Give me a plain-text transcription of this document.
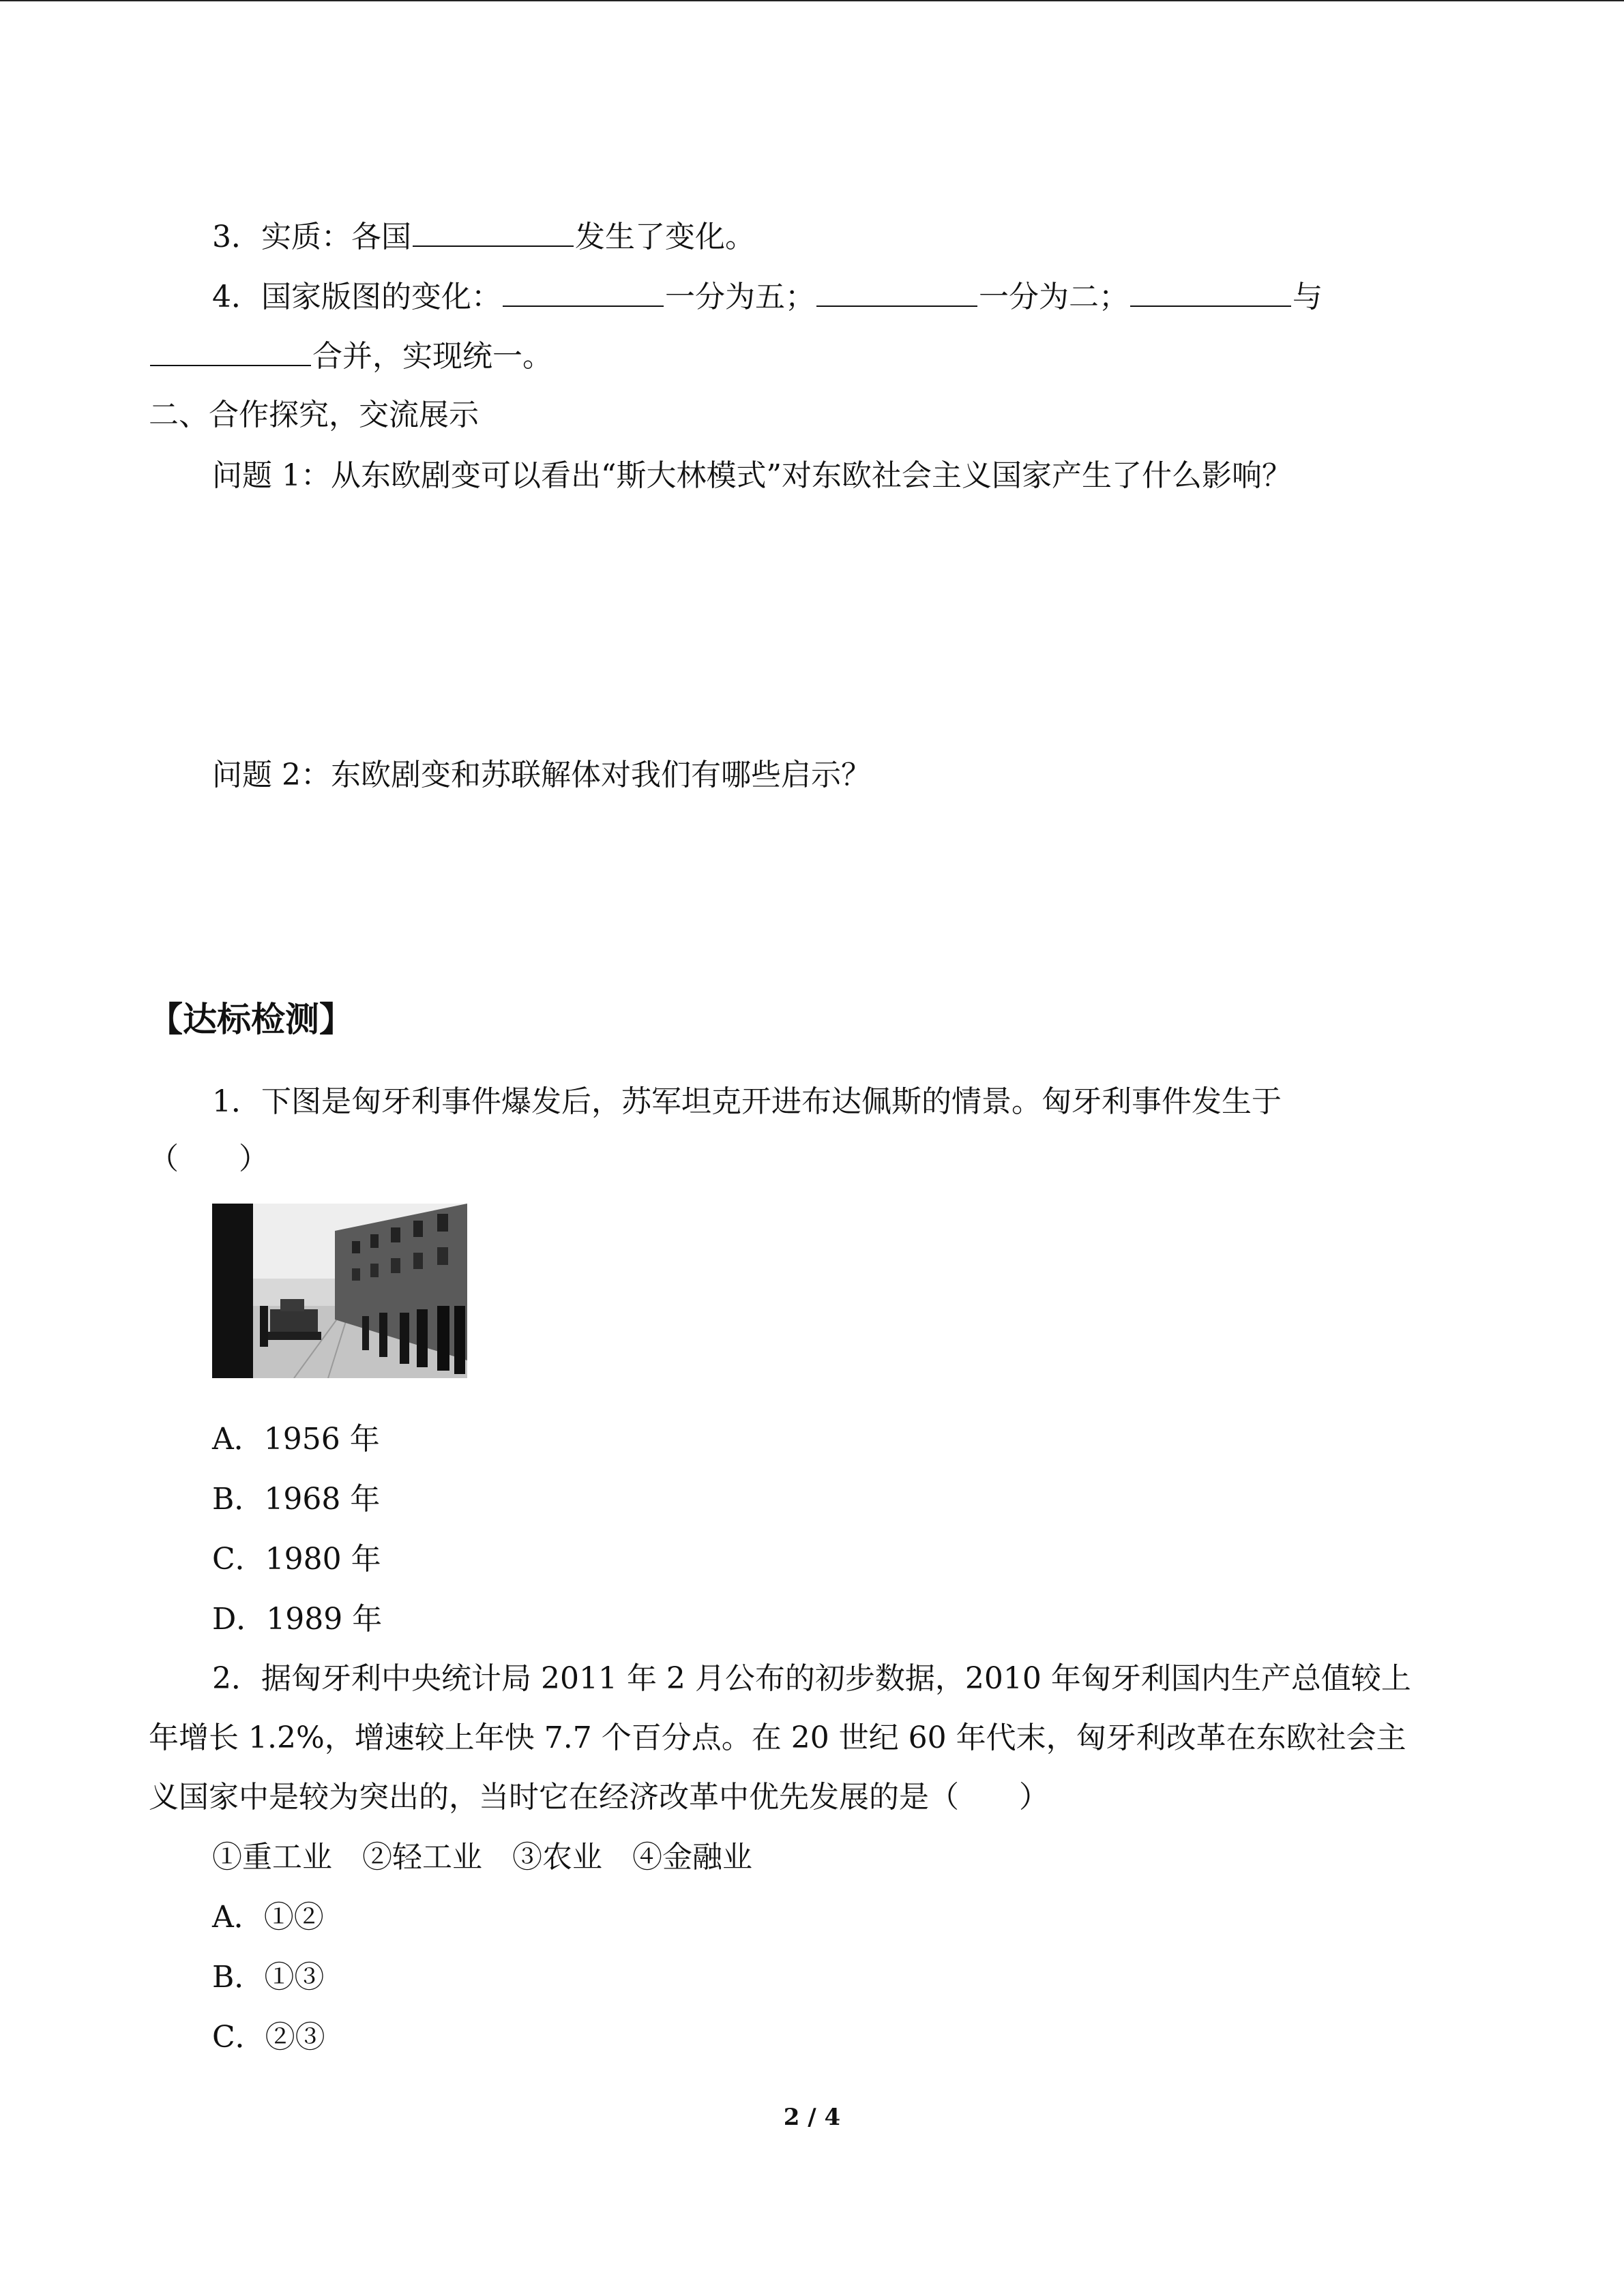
3．实质：各国	发生了变化。
4．国家版图的变化：	一分为五；	一分为二；	与
合并，实现统一。
二、合作探究，交流展示
问题 1：从东欧剧变可以看出“斯大林模式”对东欧社会主义国家产生了什么影响？
问题 2：东欧剧变和苏联解体对我们有哪些启示？
【达标检测】
1．下图是匈牙利事件爆发后，苏军坦克开进布达佩斯的情景。匈牙利事件发生于
（　　）
A．1956 年
B．1968 年
C．1980 年
D．1989 年
2．据匈牙利中央统计局 2011 年 2 月公布的初步数据，2010 年匈牙利国内生产总值较上
年增长 1.2%，增速较上年快 7.7 个百分点。在 20 世纪 60 年代末，匈牙利改革在东欧社会主
义国家中是较为突出的，当时它在经济改革中优先发展的是（　　）
①重工业　②轻工业　③农业　④金融业
A．①②
B．①③
C．②③
2 / 4
